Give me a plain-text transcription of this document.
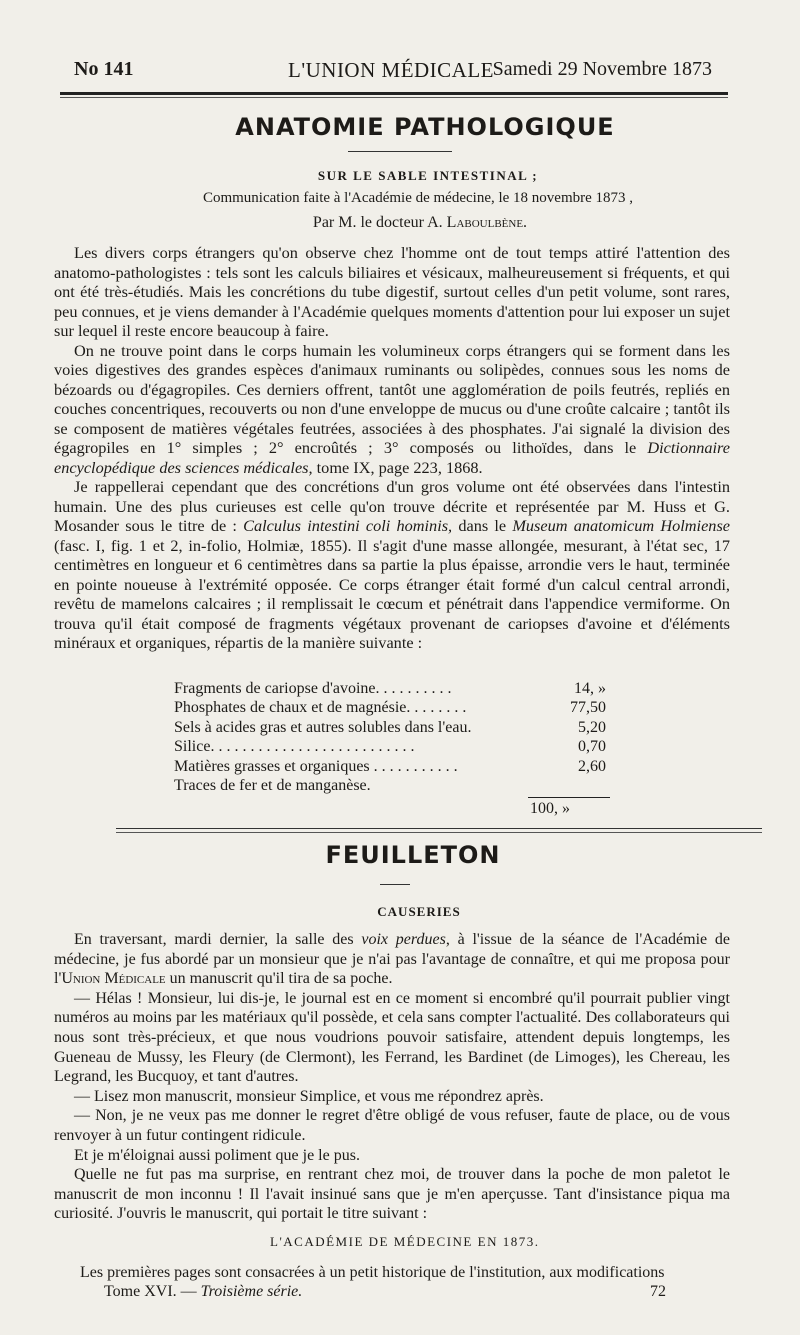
No 141	L'UNION MÉDICALE
Samedi 29 Novembre 1873
ANATOMIE PATHOLOGIQUE
SUR LE SABLE INTESTINAL ;
Communication faite à l'Académie de médecine, le 18 novembre 1873 ,
Par M. le docteur A. Laboulbène.

Les divers corps étrangers qu'on observe chez l'homme ont de tout temps attiré l'attention des anatomo-pathologistes : tels sont les calculs biliaires et vésicaux, malheureusement si fréquents, et qui ont été très-étudiés. Mais les concrétions du tube digestif, surtout celles d'un petit volume, sont rares, peu connues, et je viens demander à l'Académie quelques moments d'attention pour lui exposer un sujet sur lequel il reste encore beaucoup à faire.

On ne trouve point dans le corps humain les volumineux corps étrangers qui se forment dans les voies digestives des grandes espèces d'animaux ruminants ou solipèdes, connues sous les noms de bézoards ou d'égagropiles. Ces derniers offrent, tantôt une agglomération de poils feutrés, repliés en couches concentriques, recouverts ou non d'une enveloppe de mucus ou d'une croûte calcaire ; tantôt ils se composent de matières végétales feutrées, associées à des phosphates. J'ai signalé la division des égagropiles en 1° simples ; 2° encroûtés ; 3° composés ou lithoïdes, dans le Dictionnaire encyclopédique des sciences médicales, tome IX, page 223, 1868.

Je rappellerai cependant que des concrétions d'un gros volume ont été observées dans l'intestin humain. Une des plus curieuses est celle qu'on trouve décrite et représentée par M. Huss et G. Mosander sous le titre de : Calculus intestini coli hominis, dans le Museum anatomicum Holmiense (fasc. I, fig. 1 et 2, in-folio, Holmiæ, 1855). Il s'agit d'une masse allongée, mesurant, à l'état sec, 17 centimètres en longueur et 6 centimètres dans sa partie la plus épaisse, arrondie vers le haut, terminée en pointe noueuse à l'extrémité opposée. Ce corps étranger était formé d'un calcul central arrondi, revêtu de mamelons calcaires ; il remplissait le cœcum et pénétrait dans l'appendice vermiforme. On trouva qu'il était composé de fragments végétaux provenant de cariopses d'avoine et d'éléments minéraux et organiques, répartis de la manière suivante :

Fragments de cariopse d'avoine. . . . . . . . . .	14, »
Phosphates de chaux et de magnésie. . . . . . . .	77,50
Sels à acides gras et autres solubles dans l'eau.	5,20
Silice. . . . . . . . . . . . . . . . . . . . . . . . . .	0,70
Matières grasses et organiques . . . . . . . . . . .	2,60
Traces de fer et de manganèse.
100, »
FEUILLETON
CAUSERIES

En traversant, mardi dernier, la salle des voix perdues, à l'issue de la séance de l'Académie de médecine, je fus abordé par un monsieur que je n'ai pas l'avantage de connaître, et qui me proposa pour l'Union Médicale un manuscrit qu'il tira de sa poche.

— Hélas ! Monsieur, lui dis-je, le journal est en ce moment si encombré qu'il pourrait publier vingt numéros au moins par les matériaux qu'il possède, et cela sans compter l'actualité. Des collaborateurs qui nous sont très-précieux, et que nous voudrions pouvoir satisfaire, attendent depuis longtemps, les Gueneau de Mussy, les Fleury (de Clermont), les Ferrand, les Bardinet (de Limoges), les Chereau, les Legrand, les Bucquoy, et tant d'autres.

— Lisez mon manuscrit, monsieur Simplice, et vous me répondrez après.

— Non, je ne veux pas me donner le regret d'être obligé de vous refuser, faute de place, ou de vous renvoyer à un futur contingent ridicule.

Et je m'éloignai aussi poliment que je le pus.

Quelle ne fut pas ma surprise, en rentrant chez moi, de trouver dans la poche de mon paletot le manuscrit de mon inconnu ! Il l'avait insinué sans que je m'en aperçusse. Tant d'insistance piqua ma curiosité. J'ouvris le manuscrit, qui portait le titre suivant :

L'ACADÉMIE DE MÉDECINE EN 1873.
Les premières pages sont consacrées à un petit historique de l'institution, aux modifications
Tome XVI. — Troisième série.	72
